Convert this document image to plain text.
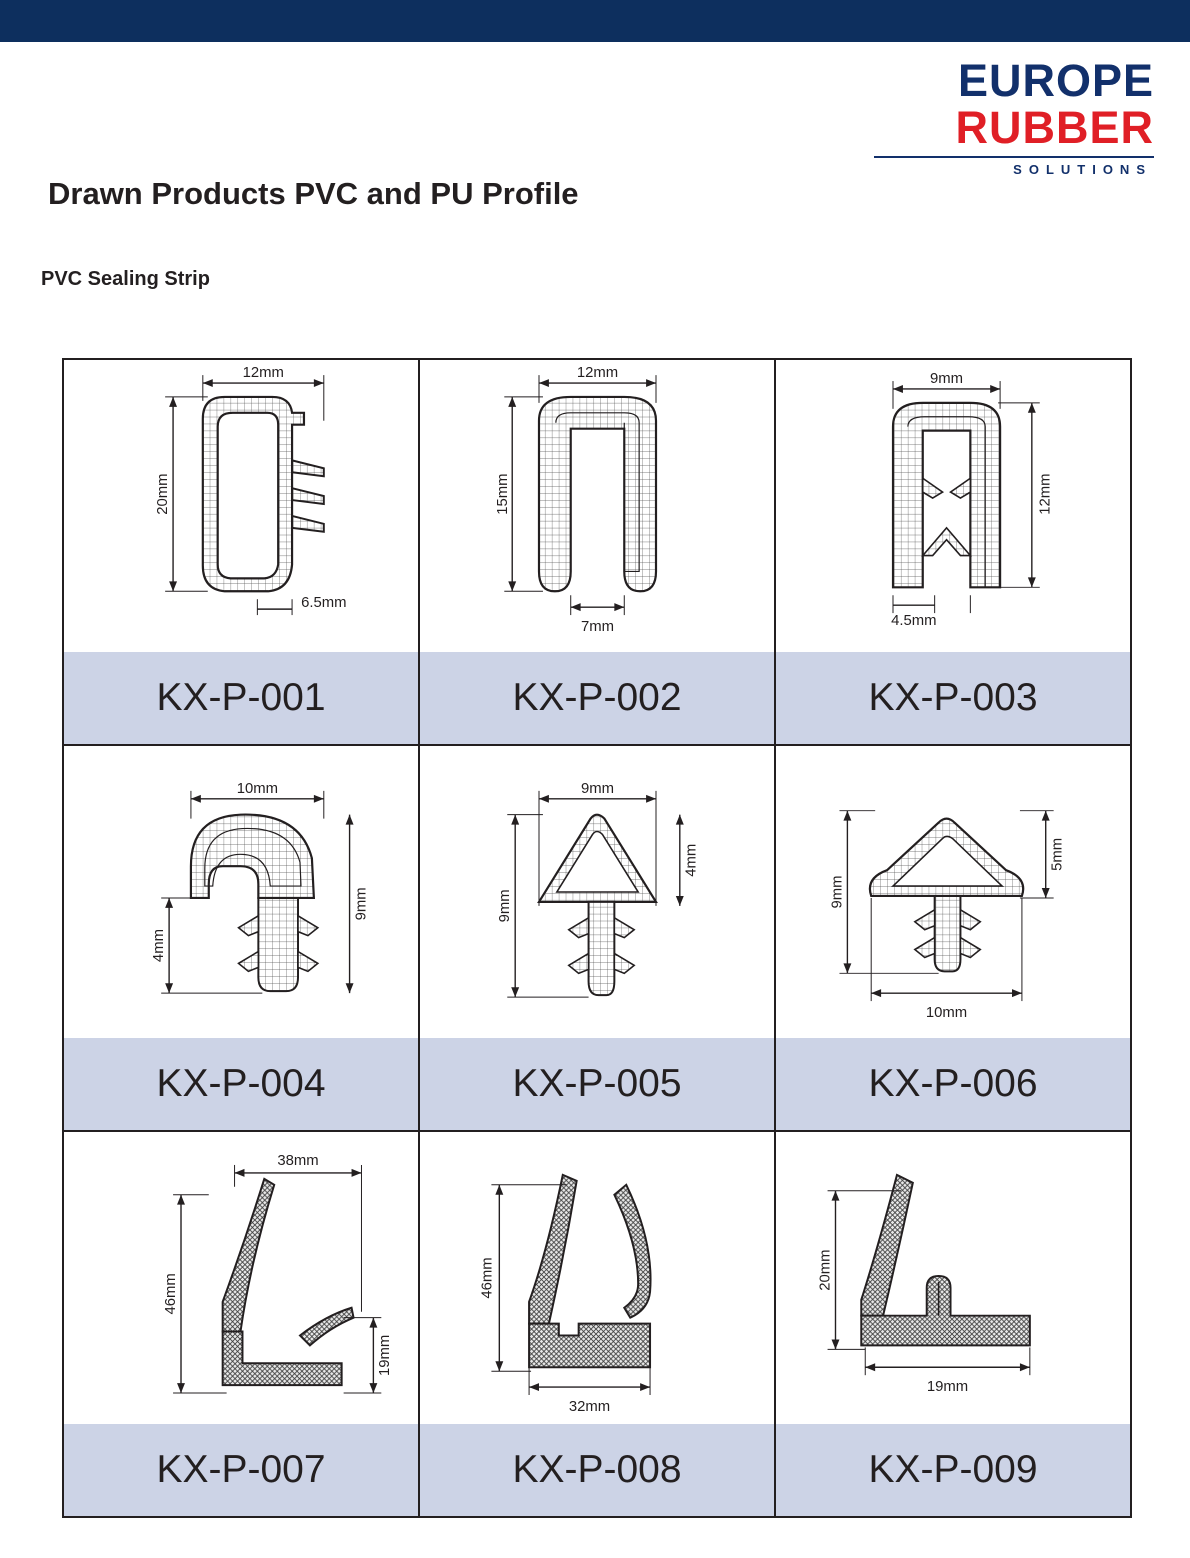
EUROPE
RUBBER
SOLUTIONS
Drawn Products PVC and PU Profile
PVC Sealing Strip
12mm
20mm
6.5mm
KX-P-001
12mm
15mm
7mm
KX-P-002
9mm
12mm
4.5mm
KX-P-003
10mm
9mm
4mm
KX-P-004
9mm
4mm
9mm
KX-P-005
9mm
5mm
10mm
KX-P-006
38mm
46mm
19mm
KX-P-007
46mm
32mm
KX-P-008
20mm
19mm
KX-P-009
